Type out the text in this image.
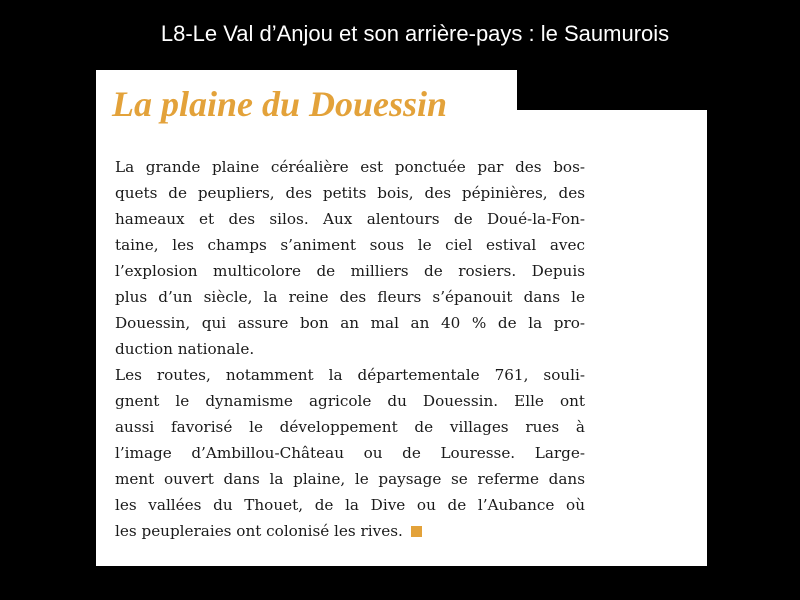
L8-Le Val d’Anjou et son arrière-pays : le Saumurois
La plaine du Douessin
La grande plaine céréalière est ponctuée par des bos-
quets de peupliers, des petits bois, des pépinières, des
hameaux et des silos. Aux alentours de Doué-la-Fon-
taine, les champs s’animent sous le ciel estival avec
l’explosion multicolore de milliers de rosiers. Depuis
plus d’un siècle, la reine des fleurs s’épanouit dans le
Douessin, qui assure bon an mal an 40 % de la pro-
duction nationale.
Les routes, notamment la départementale 761, souli-
gnent le dynamisme agricole du Douessin. Elle ont
aussi favorisé le développement de villages rues à
l’image d’Ambillou-Château ou de Louresse. Large-
ment ouvert dans la plaine, le paysage se referme dans
les vallées du Thouet, de la Dive ou de l’Aubance où
les peupleraies ont colonisé les rives.
